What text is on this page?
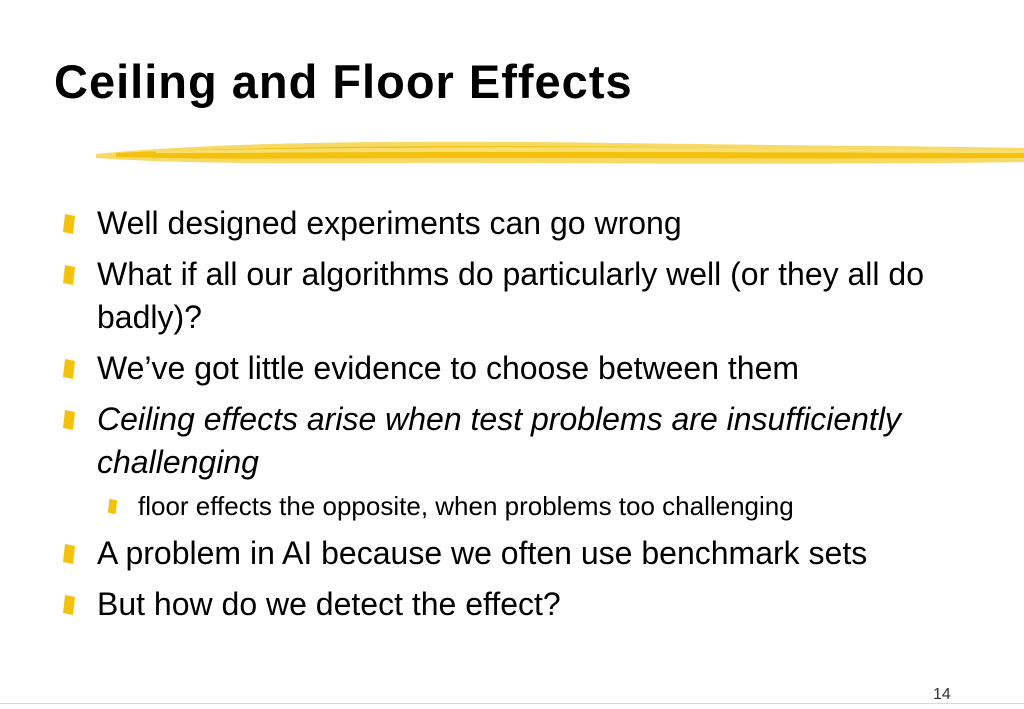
Ceiling and Floor Effects
Well designed experiments can go wrong
What if all our algorithms do particularly well (or they all do badly)?
We’ve got little evidence to choose between them
Ceiling effects arise when test problems are insufficiently challenging
floor effects the opposite, when problems too challenging
A problem in AI because we often use benchmark sets
But how do we detect the effect?
14
